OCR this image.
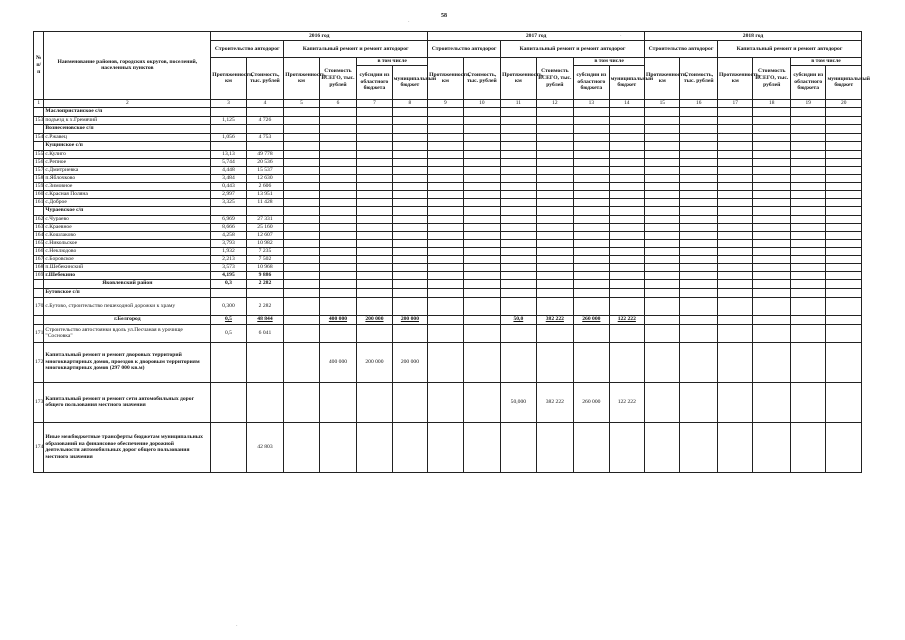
58
·
·
·
№ п/п	Наименование районов, городских округов, поселений, населенных пунктов	2016 год						2017 год						2018 год					
		Строительство автодорог		Капитальный ремонт и ремонт автодорог				Строительство автодорог		Капитальный ремонт и ремонт автодорог				Строительство автодорог		Капитальный ремонт и ремонт автодорог			
		Протяженность, км	Стоимость, тыс. рублей	Протяженность, км	Стоимость ВСЕГО, тыс. рублей	в том числе		Протяженность, км	Стоимость, тыс. рублей	Протяженность, км	Стоимость ВСЕГО, тыс. рублей	в том числе		Протяженность, км	Стоимость, тыс. рублей	Протяженность, км	Стоимость ВСЕГО, тыс. рублей	в том числе	
						субсидии из областного бюджета	муниципальный бюджет					субсидии из областного бюджета	муниципальный бюджет					субсидии из областного бюджета	муниципальный бюджет
1	2	3	4	5	6	7	8	9	10	11	12	13	14	15	16	17	18	19	20
	Маслопристанское с/п																		
153	подъезд к х.Гремячий	1,125	4 726																
	Вознесеновское с/п																		
154	с.Ржавец	1,056	4 753																
	Кущинское с/п																		
155	с.Кулиго	13,13	49 778																
156	с.Репное	5,744	20 536																
157	с.Дмитриевка	4,448	15 537																
158	п.Яблочково	3,484	12 630																
159	с.Зимовное	0,443	2 606																
160	с.Красная Поляна	2,997	13 951																
161	с.Доброе	3,325	11 428																
	Чураевское с/п																		
162	с.Чураево	6,969	27 331																
163	с.Краевное	8,666	25 160																
164	с.Кошлаково	4,258	12 607																
165	с.Никольское	3,793	10 982																
166	с.Неклюдово	1,932	7 235																
167	с.Боровское	2,213	7 502																
168	п.Шебекинский	3,573	10 968																
169	г.Шебекино	4,195	9 886																
	Яковлевский район	0,3	2 282																
	Бутовское с/п																		
170	с.Бутово, строительство пешеходной дорожки к храму	0,300	2 282																
	г.Белгород	0,5	48 844		400 000	200 000	200 000			50,0	382 222	260 000	122 222						
171	Строительство автостоянки вдоль ул.Песчаная в урочище "Сосновка"	0,5	6 041																
172	Капитальный ремонт и ремонт дворовых территорий многоквартирных домов, проездов к дворовым территориям многоквартирных домов (297 000 кв.м)				400 000	200 000	200 000												
173	Капитальный ремонт и ремонт сети автомобильных дорог общего пользования местного значения									50,000	382 222	260 000	122 222						
174	Иные межбюджетные трансферты бюджетам муниципальных образований на финансовое обеспечение дорожной деятельности автомобильных дорог общего пользования местного значения		42 803																
